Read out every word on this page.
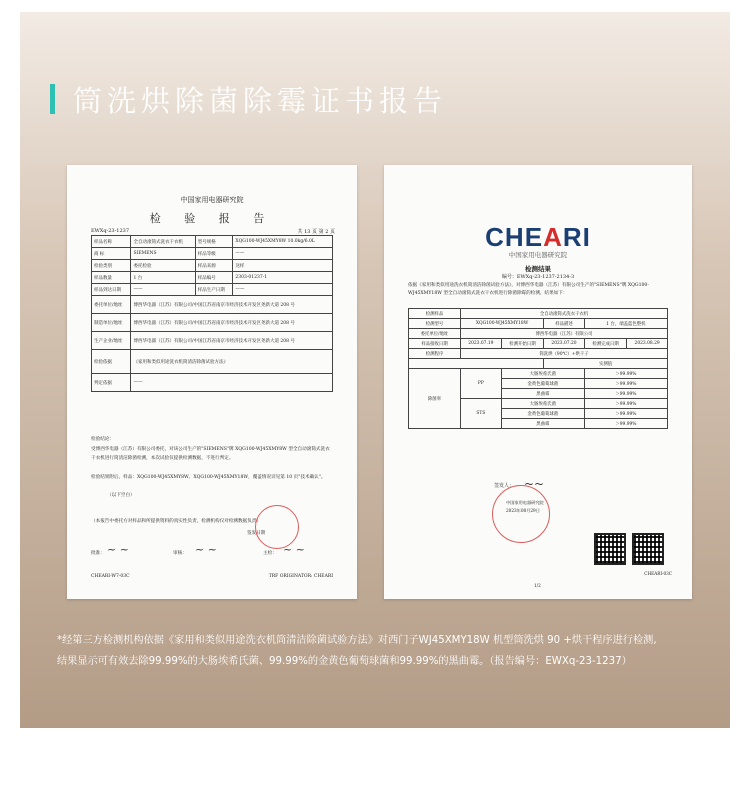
筒洗烘除菌除霉证书报告
中国家用电器研究院
检 验 报 告
EWXq-23-1237	共 13 页 第 2 页
样品名称	全自动滚筒式洗衣干衣机	型号规格	XQG100-WJ45XMY8W 10.0kg/6.0L
商 标	SIEMENS	样品等级	——
检验类别	委托检验	样品来源	送样
样品数量	1 台	样品编号	2303-01237-1
样品到达日期	——	样品生产日期	——
委托单位/地址	博西华电器（江苏）有限公司/中国江苏省南京市经济技术开发区尧新大道 208 号		
制造单位/地址	博西华电器（江苏）有限公司/中国江苏省南京市经济技术开发区尧新大道 208 号		
生产企业/地址	博西华电器（江苏）有限公司/中国江苏省南京市经济技术开发区尧新大道 208 号		
检验依据	《家用和类似用途洗衣机筒清洁除菌试验方法》		
判定依据	——		
检验结论：
受博西华电器（江苏）有限公司委托，对该公司生产的"SIEMENS"牌 XQG100-WJ45XMY8W 型全自动滚筒式洗衣干衣机进行筒清洁除菌检测，本次试验仅提供检测数据，不进行判定。
检验结果附后。样品：XQG100-WJ45XMY8W、XQG100-WJ45XMY18W，覆盖情况详见第 10 页"技术确认"。
（以下空白）
（本报告中委托方对样品和所提供资料的真实性负责，检测机构仅对检测数据负责）
签发日期
批准：	审核：	主检：
~ ~	~ ~	~ ~
CHEARI-W7-03C	TRF ORIGINATOR: CHEARI
CHEARI
中国家用电器研究院
检测结果
编号：EWXq-23-1237-2134-3
依据《家用和类似用途洗衣机筒清洁除菌试验方法》，对博西华电器（江苏）有限公司生产的"SIEMENS"牌 XQG100-WJ45XMY18W 型全自动滚筒式洗衣干衣机进行除菌除霉的检测，结果如下：
检测样品	全自动滚筒式洗衣干衣机				
检测型号	XQG100-WJ45XMY18W		样品描述	1 台，端盖蓝色整机	
委托单位/地址	博西华电器（江苏）有限公司				
样品接收日期	2023.07.19	检测开始日期	2023.07.20	检测完成日期	2023.08.29
检测程序	筒洗烘（90℃）+烘干子				
			实测值		
除菌率	PP	大肠埃希氏菌		＞99.99%	
		金黄色葡萄球菌		＞99.99%	
		黑曲霉		＞99.99%	
	STS	大肠埃希氏菌		＞99.99%	
		金黄色葡萄球菌		＞99.99%	
		黑曲霉		＞99.99%	
签发人： ~~
中国家用电器研究院
2023年08月29日
CHEARI-03C
1/2
*经第三方检测机构依据《家用和类似用途洗衣机筒清洁除菌试验方法》对西门子WJ45XMY18W 机型筒洗烘 90 +烘干程序进行检测,
结果显示可有效去除99.99%的大肠埃希氏菌、99.99%的金黄色葡萄球菌和99.99%的黑曲霉。（报告编号：EWXq-23-1237）
